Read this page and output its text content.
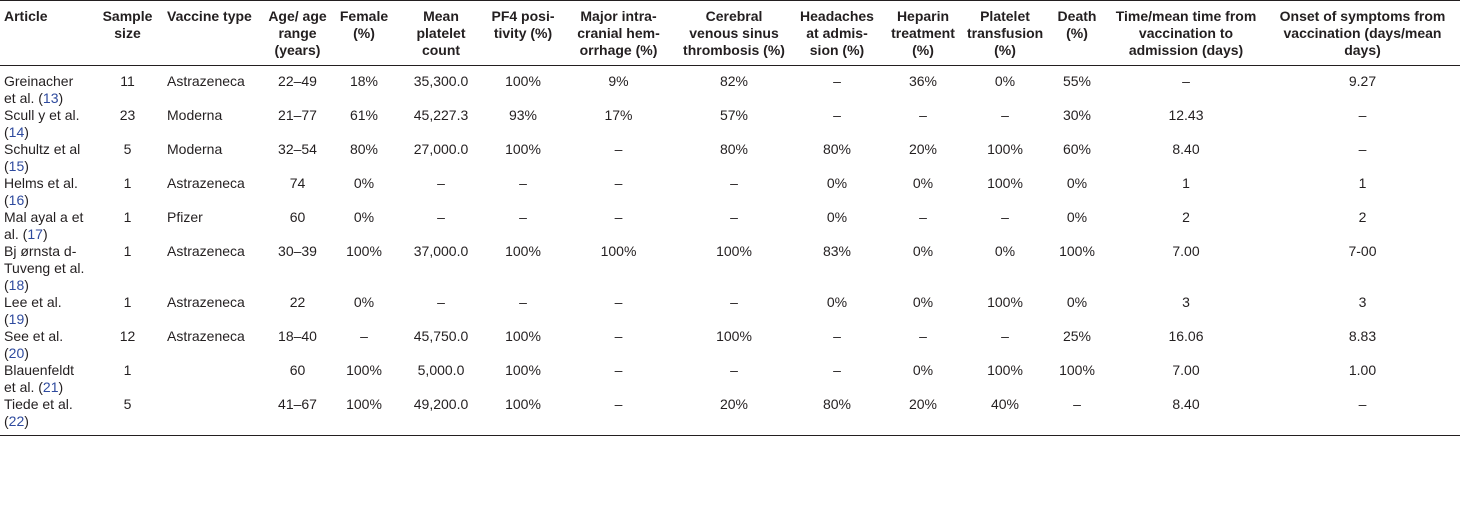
Article	Sample size	Vaccine type	Age/ age range (years)	Female (%)	Mean platelet count	PF4 posi- tivity (%)	Major intra- cranial hem- orrhage (%)	Cerebral venous sinus thrombosis (%)	Headaches at admis- sion (%)	Heparin treatment (%)	Platelet transfusion (%)	Death (%)	Time/mean time from vaccination to admission (days)	Onset of symptoms from vaccination (days/mean days)
Greinacher et al. (13)	11	Astrazeneca	22–49	18%	35,300.0	100%	9%	82%	–	36%	0%	55%	–	9.27
Scull y et al. (14)	23	Moderna	21–77	61%	45,227.3	93%	17%	57%	–	–	–	30%	12.43	–
Schultz et al (15)	5	Moderna	32–54	80%	27,000.0	100%	–	80%	80%	20%	100%	60%	8.40	–
Helms et al. (16)	1	Astrazeneca	74	0%	–	–	–	–	0%	0%	100%	0%	1	1
Mal ayal a et al. (17)	1	Pfizer	60	0%	–	–	–	–	0%	–	–	0%	2	2
Bj ørnsta d-Tuveng et al. (18)	1	Astrazeneca	30–39	100%	37,000.0	100%	100%	100%	83%	0%	0%	100%	7.00	7-00
Lee et al. (19)	1	Astrazeneca	22	0%	–	–	–	–	0%	0%	100%	0%	3	3
See et al. (20)	12	Astrazeneca	18–40	–	45,750.0	100%	–	100%	–	–	–	25%	16.06	8.83
Blauenfeldt et al. (21)	1		60	100%	5,000.0	100%	–	–	–	0%	100%	100%	7.00	1.00
Tiede et al. (22)	5		41–67	100%	49,200.0	100%	–	20%	80%	20%	40%	–	8.40	–
